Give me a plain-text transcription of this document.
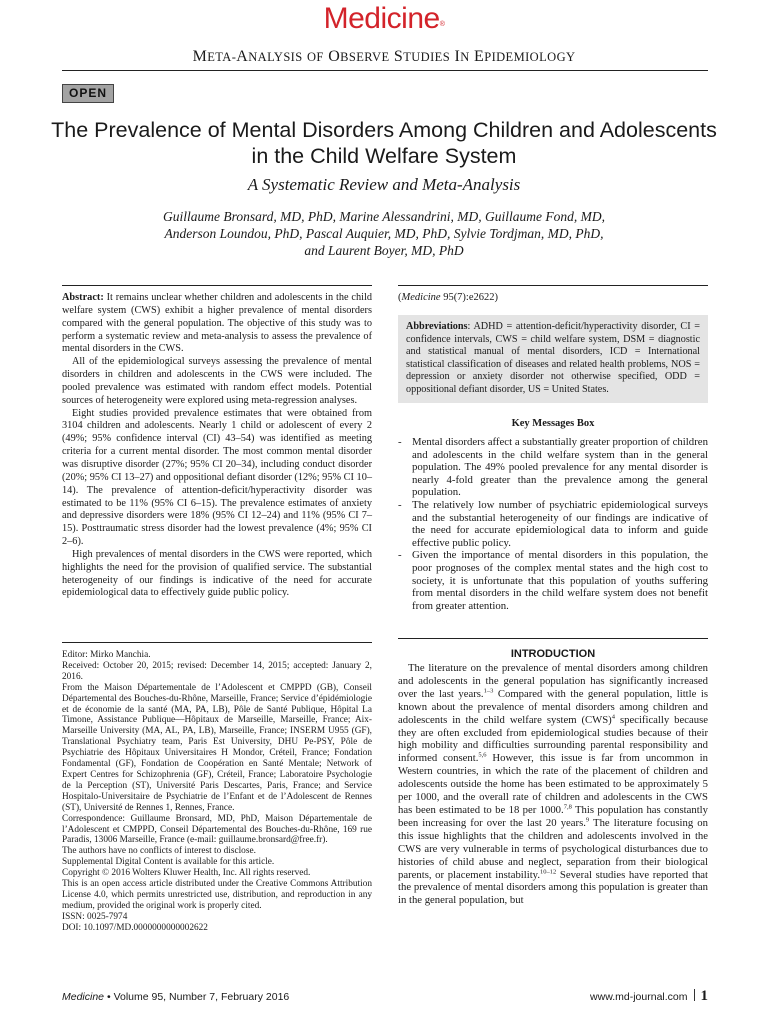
Medicine®
META-ANALYSIS OF OBSERVE STUDIES IN EPIDEMIOLOGY
OPEN
The Prevalence of Mental Disorders Among Children and Adolescents in the Child Welfare System
A Systematic Review and Meta-Analysis
Guillaume Bronsard, MD, PhD, Marine Alessandrini, MD, Guillaume Fond, MD,
Anderson Loundou, PhD, Pascal Auquier, MD, PhD, Sylvie Tordjman, MD, PhD,
and Laurent Boyer, MD, PhD

Abstract: It remains unclear whether children and adolescents in the child welfare system (CWS) exhibit a higher prevalence of mental disorders compared with the general population. The objective of this study was to perform a systematic review and meta-analysis to assess the prevalence of mental disorders in the CWS.

All of the epidemiological surveys assessing the prevalence of mental disorders in children and adolescents in the CWS were included. The pooled prevalence was estimated with random effect models. Potential sources of heterogeneity were explored using meta-regression analyses.

Eight studies provided prevalence estimates that were obtained from 3104 children and adolescents. Nearly 1 child or adolescent of every 2 (49%; 95% confidence interval (CI) 43–54) was identified as meeting criteria for a current mental disorder. The most common mental disorder was disruptive disorder (27%; 95% CI 20–34), including conduct disorder (20%; 95% CI 13–27) and oppositional defiant disorder (12%; 95% CI 10–14). The prevalence of attention-deficit/hyperactivity disorder was estimated to be 11% (95% CI 6–15). The prevalence estimates of anxiety and depressive disorders were 18% (95% CI 12–24) and 11% (95% CI 7–15). Posttraumatic stress disorder had the lowest prevalence (4%; 95% CI 2–6).

High prevalences of mental disorders in the CWS were reported, which highlights the need for the provision of qualified service. The substantial heterogeneity of our findings is indicative of the need for accurate epidemiological data to effectively guide public policy.

Editor: Mirko Manchia.

Received: October 20, 2015; revised: December 14, 2015; accepted: January 2, 2016.

From the Maison Départementale de l’Adolescent et CMPPD (GB), Conseil Départemental des Bouches-du-Rhône, Marseille, France; Service d’épidémiologie et de économie de la santé (MA, PA, LB), Pôle de Santé Publique, Hôpital La Timone, Assistance Publique—Hôpitaux de Marseille, Marseille, France; Aix-Marseille University (MA, AL, PA, LB), Marseille, France; INSERM U955 (GF), Translational Psychiatry team, Paris Est University, DHU Pe-PSY, Pôle de Psychiatrie des Hôpitaux Universitaires H Mondor, Créteil, France; Fondation Fondamental (GF), Fondation de Coopération en Santé Mentale; Network of Expert Centres for Schizophrenia (GF), Créteil, France; Laboratoire Psychologie de la Perception (ST), Université Paris Descartes, Paris, France; and Service Hospitalo-Universitaire de Psychiatrie de l’Enfant et de l’Adolescent de Rennes (ST), Université de Rennes 1, Rennes, France.

Correspondence: Guillaume Bronsard, MD, PhD, Maison Départementale de l’Adolescent et CMPPD, Conseil Départemental des Bouches-du-Rhône, 169 rue Paradis, 13006 Marseille, France (e-mail: guillaume.bronsard@free.fr).

The authors have no conflicts of interest to disclose.

Supplemental Digital Content is available for this article.

Copyright © 2016 Wolters Kluwer Health, Inc. All rights reserved.

This is an open access article distributed under the Creative Commons Attribution License 4.0, which permits unrestricted use, distribution, and reproduction in any medium, provided the original work is properly cited.

ISSN: 0025-7974

DOI: 10.1097/MD.0000000000002622

(Medicine 95(7):e2622)
Abbreviations: ADHD = attention-deficit/hyperactivity disorder, CI = confidence intervals, CWS = child welfare system, DSM = diagnostic and statistical manual of mental disorders, ICD = International statistical classification of diseases and related health problems, NOS = depression or anxiety disorder not otherwise specified, ODD = oppositional defiant disorder, US = United States.
Key Messages Box
- Mental disorders affect a substantially greater proportion of children and adolescents in the child welfare system than in the general population. The 49% pooled prevalence for any mental disorder is nearly 4-fold greater than the prevalence among the general population.
- The relatively low number of psychiatric epidemiological surveys and the substantial heterogeneity of our findings are indicative of the need for accurate epidemiological data to inform and guide effective public policy.
- Given the importance of mental disorders in this population, the poor prognoses of the complex mental states and the high cost to society, it is unfortunate that this population of youths suffering from mental disorders in the child welfare system does not benefit from greater attention.
INTRODUCTION

The literature on the prevalence of mental disorders among children and adolescents in the general population has significantly increased over the last years.$^{1-3}$ Compared with the general population, little is known about the prevalence of mental disorders among children and adolescents in the child welfare system (CWS)$^4$ specifically because they are often excluded from epidemiological studies because of their high mobility and difficulties surrounding parental responsibility and informed consent.$^{5,6}$ However, this issue is far from uncommon in Western countries, in which the rate of the placement of children and adolescents outside the home has been estimated to be approximately 5 per 1000, and the overall rate of children and adolescents in the CWS has been estimated to be 18 per 1000.$^{7,8}$ This population has constantly been increasing for over the last 20 years.$^9$ The literature focusing on this issue highlights that the children and adolescents involved in the CWS are very vulnerable in terms of psychological disturbances due to histories of child abuse and neglect, separation from their biological parents, or placement instability.$^{10-12}$ Several studies have reported that the prevalence of mental disorders among this population is greater than in the general population, but

Medicine • Volume 95, Number 7, February 2016	www.md-journal.com 1
